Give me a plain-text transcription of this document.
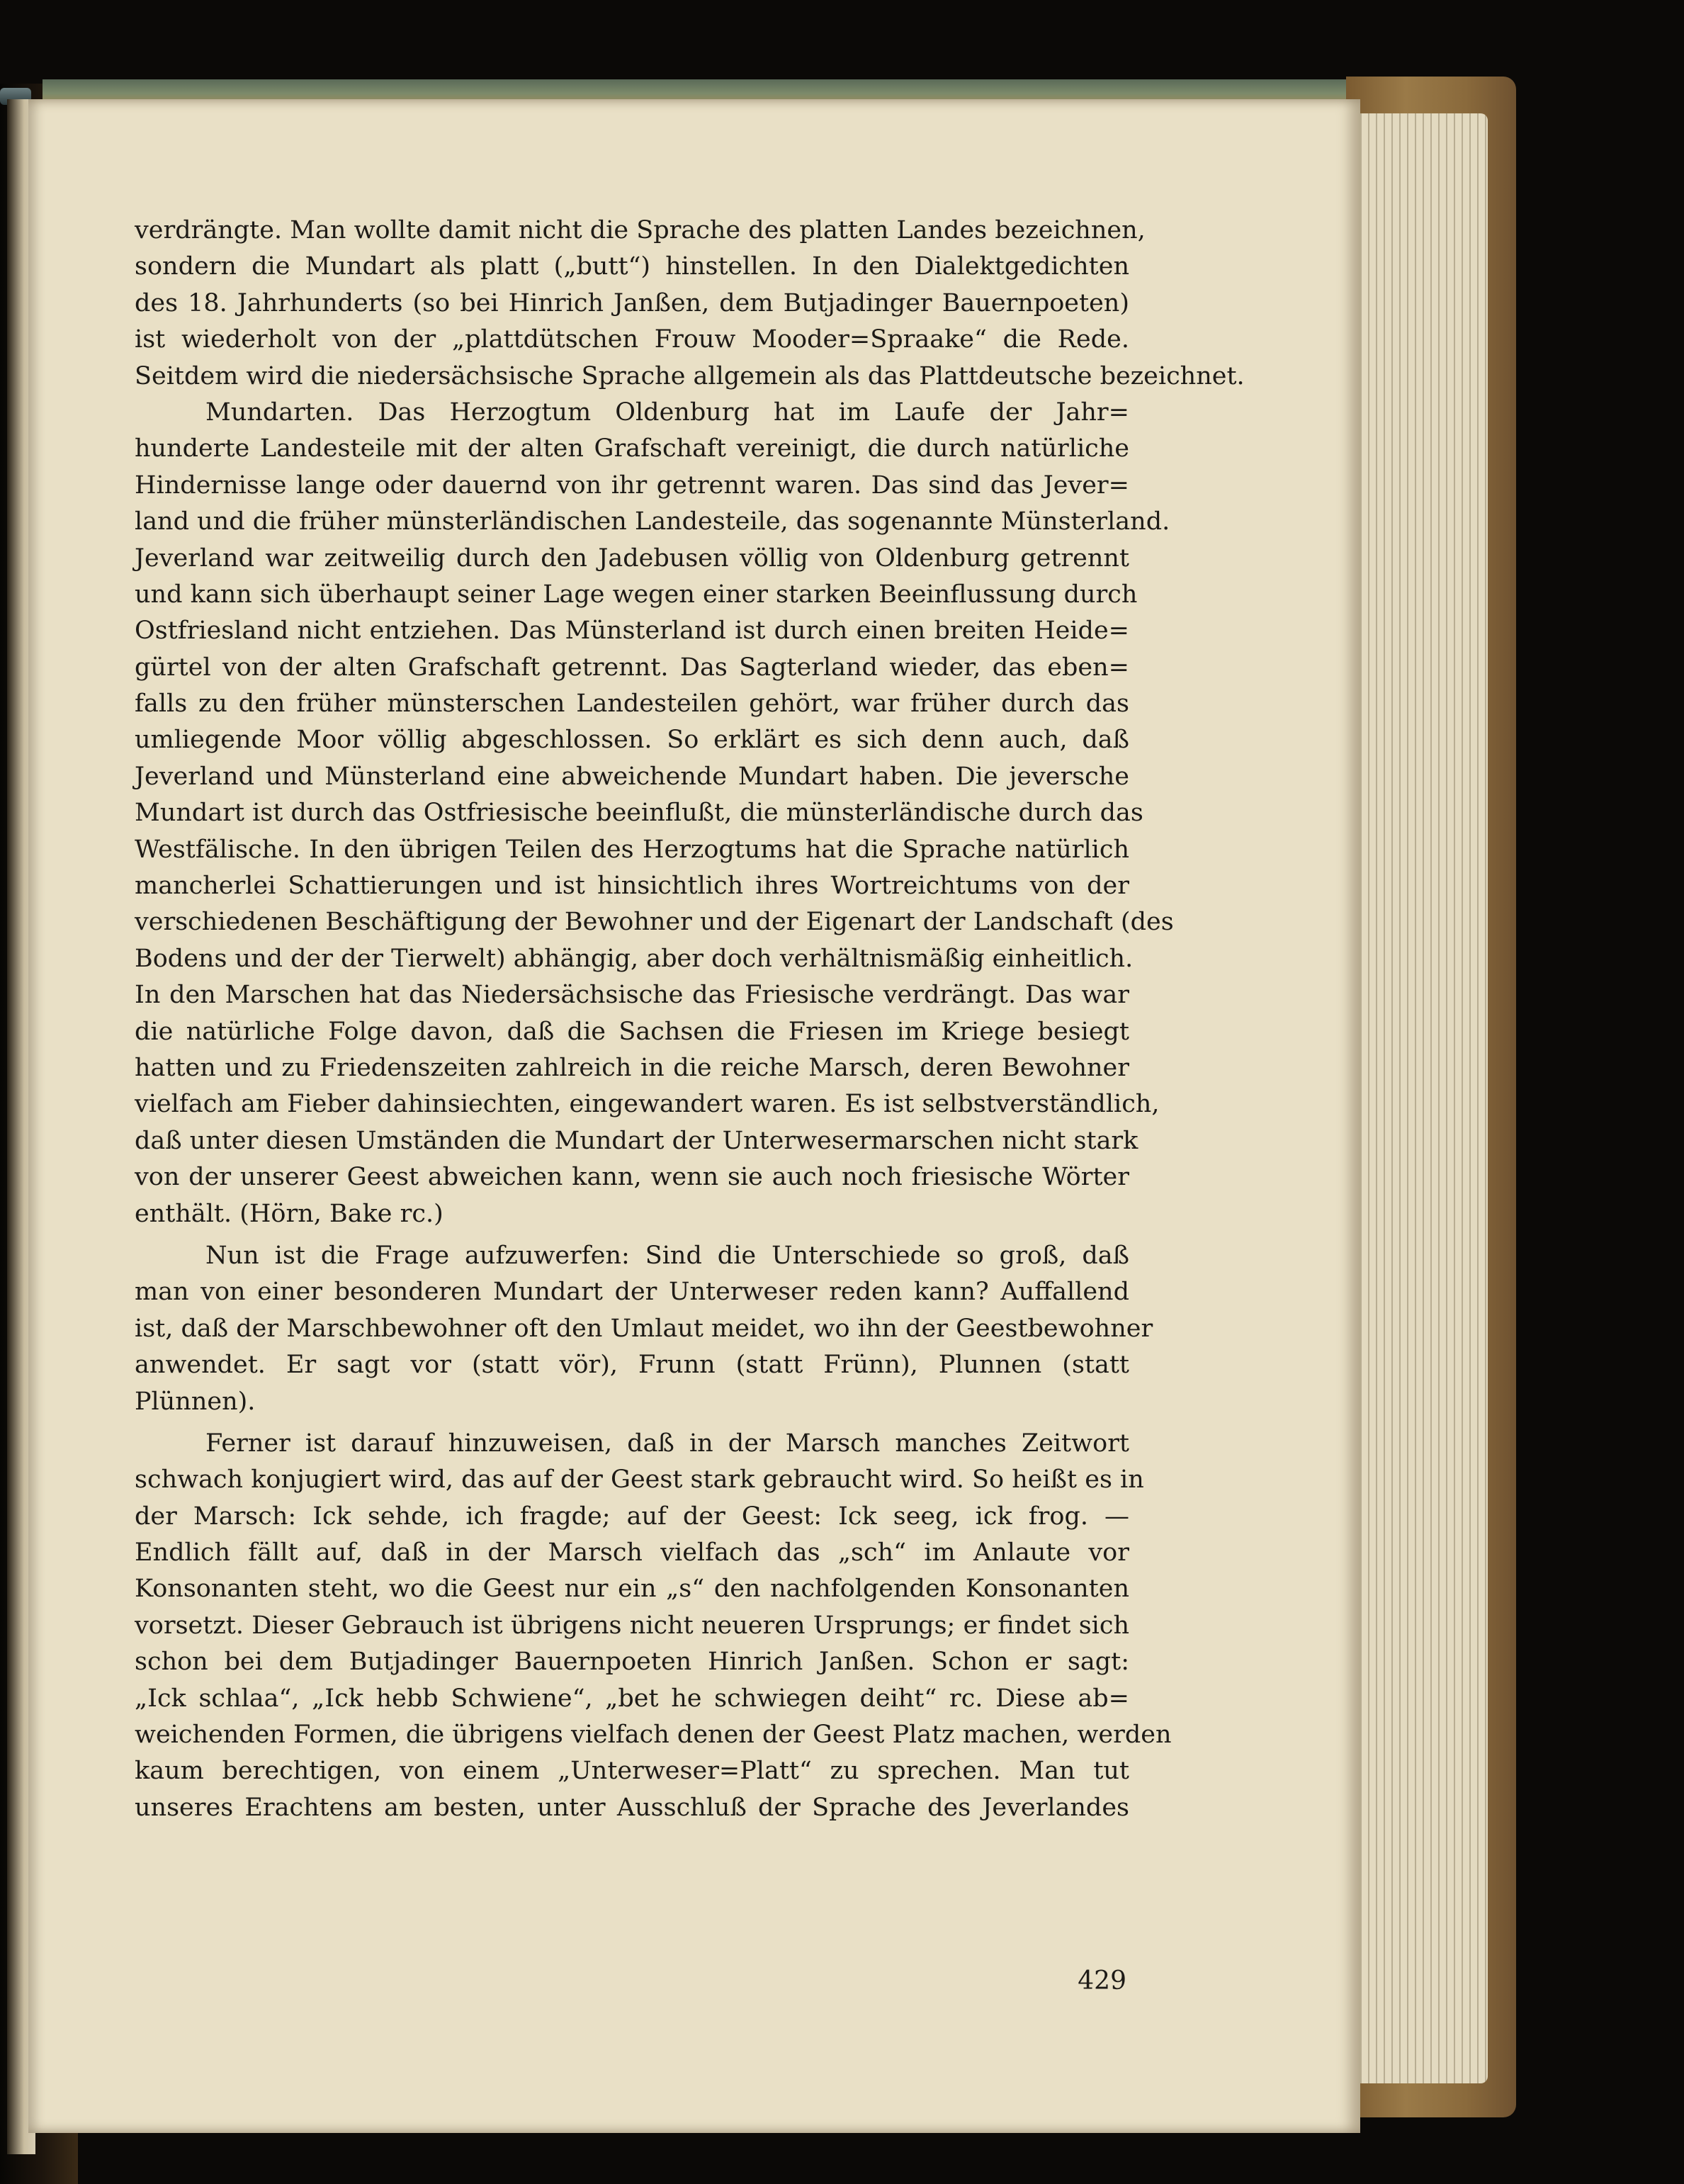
verdrängte. Man wollte damit nicht die Sprache des platten Landes bezeichnen,
sondern die Mundart als platt („butt“) hinstellen. In den Dialektgedichten
des 18. Jahrhunderts (so bei Hinrich Janßen, dem Butjadinger Bauernpoeten)
ist wiederholt von der „plattdütschen Frouw Mooder=Spraake“ die Rede.
Seitdem wird die niedersächsische Sprache allgemein als das Plattdeutsche bezeichnet.
Mundarten. Das Herzogtum Oldenburg hat im Laufe der Jahr=
hunderte Landesteile mit der alten Grafschaft vereinigt, die durch natürliche
Hindernisse lange oder dauernd von ihr getrennt waren. Das sind das Jever=
land und die früher münsterländischen Landesteile, das sogenannte Münsterland.
Jeverland war zeitweilig durch den Jadebusen völlig von Oldenburg getrennt
und kann sich überhaupt seiner Lage wegen einer starken Beeinflussung durch
Ostfriesland nicht entziehen. Das Münsterland ist durch einen breiten Heide=
gürtel von der alten Grafschaft getrennt. Das Sagterland wieder, das eben=
falls zu den früher münsterschen Landesteilen gehört, war früher durch das
umliegende Moor völlig abgeschlossen. So erklärt es sich denn auch, daß
Jeverland und Münsterland eine abweichende Mundart haben. Die jeversche
Mundart ist durch das Ostfriesische beeinflußt, die münsterländische durch das
Westfälische. In den übrigen Teilen des Herzogtums hat die Sprache natürlich
mancherlei Schattierungen und ist hinsichtlich ihres Wortreichtums von der
verschiedenen Beschäftigung der Bewohner und der Eigenart der Landschaft (des
Bodens und der der Tierwelt) abhängig, aber doch verhältnismäßig einheitlich.
In den Marschen hat das Niedersächsische das Friesische verdrängt. Das war
die natürliche Folge davon, daß die Sachsen die Friesen im Kriege besiegt
hatten und zu Friedenszeiten zahlreich in die reiche Marsch, deren Bewohner
vielfach am Fieber dahinsiechten, eingewandert waren. Es ist selbstverständlich,
daß unter diesen Umständen die Mundart der Unterwesermarschen nicht stark
von der unserer Geest abweichen kann, wenn sie auch noch friesische Wörter
enthält. (Hörn, Bake rc.)
Nun ist die Frage aufzuwerfen: Sind die Unterschiede so groß, daß
man von einer besonderen Mundart der Unterweser reden kann? Auffallend
ist, daß der Marschbewohner oft den Umlaut meidet, wo ihn der Geestbewohner
anwendet. Er sagt vor (statt vör), Frunn (statt Frünn), Plunnen (statt
Plünnen).
Ferner ist darauf hinzuweisen, daß in der Marsch manches Zeitwort
schwach konjugiert wird, das auf der Geest stark gebraucht wird. So heißt es in
der Marsch: Ick sehde, ich fragde; auf der Geest: Ick seeg, ick frog. —
Endlich fällt auf, daß in der Marsch vielfach das „sch“ im Anlaute vor
Konsonanten steht, wo die Geest nur ein „s“ den nachfolgenden Konsonanten
vorsetzt. Dieser Gebrauch ist übrigens nicht neueren Ursprungs; er findet sich
schon bei dem Butjadinger Bauernpoeten Hinrich Janßen. Schon er sagt:
„Ick schlaa“, „Ick hebb Schwiene“, „bet he schwiegen deiht“ rc. Diese ab=
weichenden Formen, die übrigens vielfach denen der Geest Platz machen, werden
kaum berechtigen, von einem „Unterweser=Platt“ zu sprechen. Man tut
unseres Erachtens am besten, unter Ausschluß der Sprache des Jeverlandes
429
